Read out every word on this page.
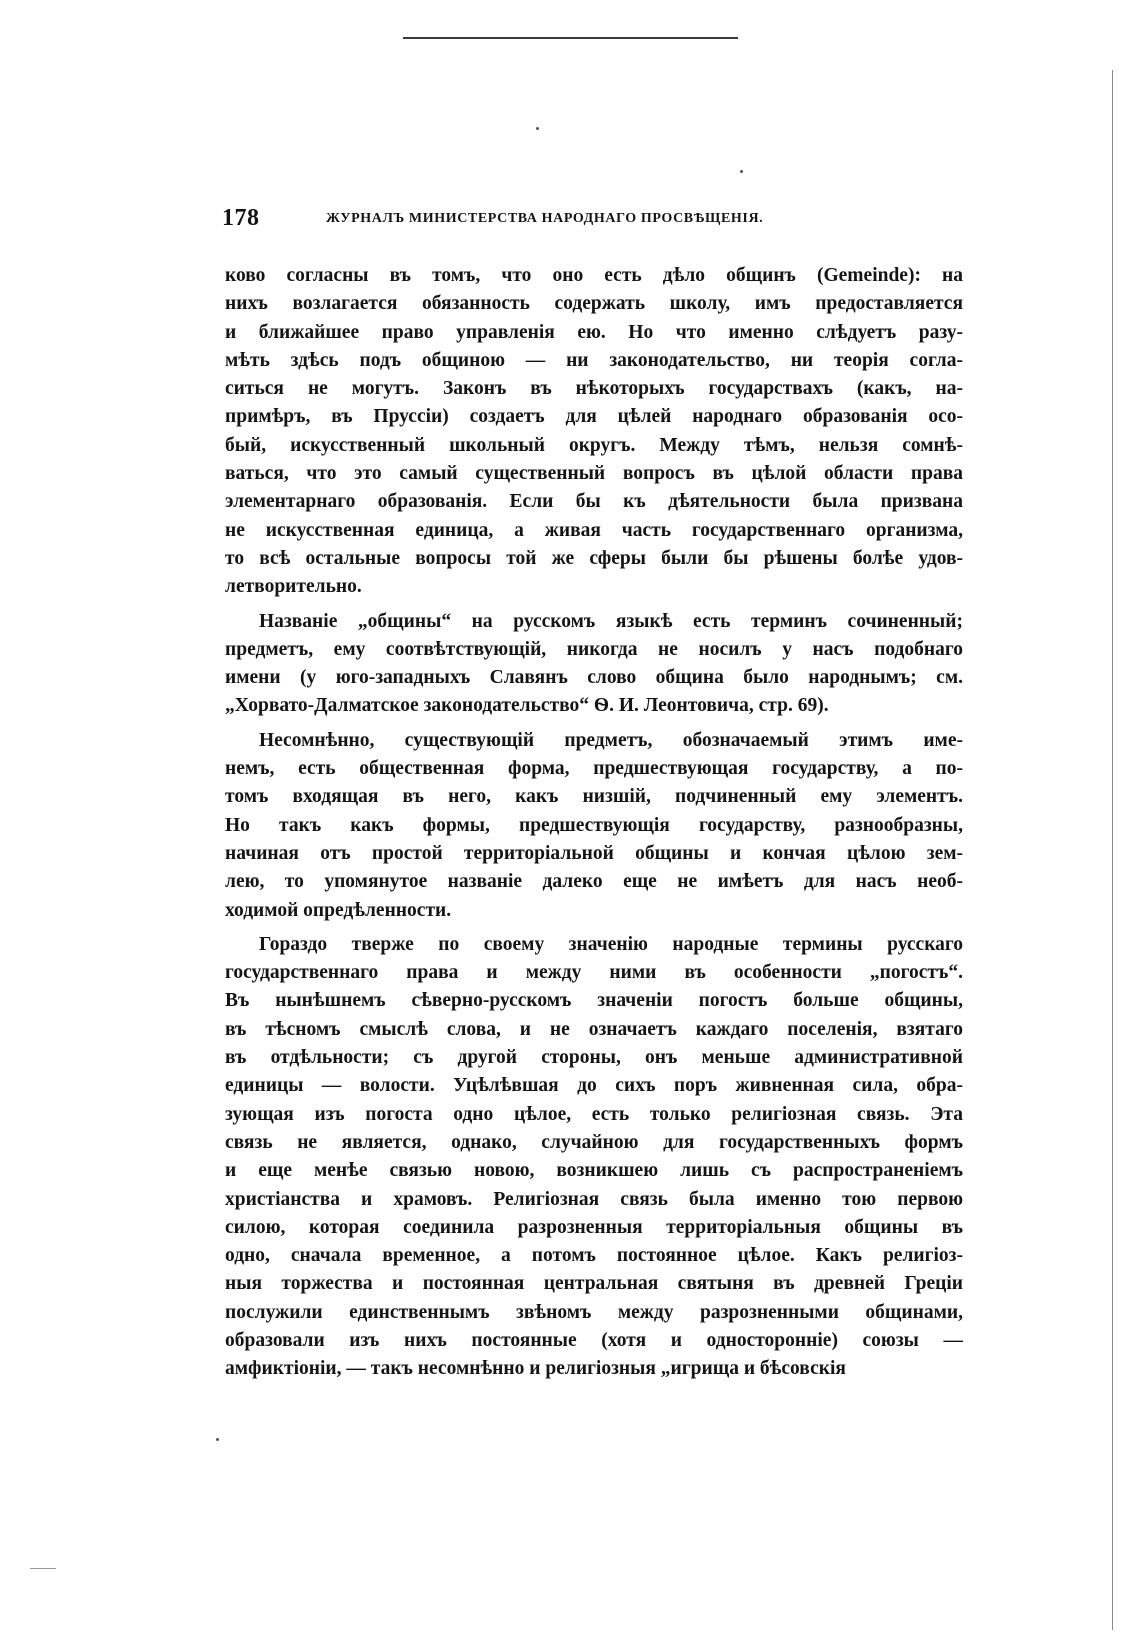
178	ЖУРНАЛЪ МИНИСТЕРСТВА НАРОДНАГО ПРОСВѢЩЕНІЯ.
ково согласны въ томъ, что оно есть дѣло общинъ (Gemeinde): на
нихъ возлагается обязанность содержать школу, имъ предоставляется
и ближайшее право управленія ею. Но что именно слѣдуетъ разу-
мѣть здѣсь подъ общиною — ни законодательство, ни теорія согла-
ситься не могутъ. Законъ въ нѣкоторыхъ государствахъ (какъ, на-
примѣръ, въ Пруссіи) создаетъ для цѣлей народнаго образованія осо-
бый, искусственный школьный округъ. Между тѣмъ, нельзя сомнѣ-
ваться, что это самый существенный вопросъ въ цѣлой области права
элементарнаго образованія. Если бы къ дѣятельности была призвана
не искусственная единица, а живая часть государственнаго организма,
то всѣ остальные вопросы той же сферы были бы рѣшены болѣе удов-
летворительно.
Названіе „общины“ на русскомъ языкѣ есть терминъ сочиненный;
предметъ, ему соотвѣтствующій, никогда не носилъ у насъ подобнаго
имени (у юго-западныхъ Славянъ слово община было народнымъ; см.
„Хорвато-Далматское законодательство“ Ѳ. И. Леонтовича, стр. 69).
Несомнѣнно, существующій предметъ, обозначаемый этимъ име-
немъ, есть общественная форма, предшествующая государству, а по-
томъ входящая въ него, какъ низшій, подчиненный ему элементъ.
Но такъ какъ формы, предшествующія государству, разнообразны,
начиная отъ простой территоріальной общины и кончая цѣлою зем-
лею, то упомянутое названіе далеко еще не имѣетъ для насъ необ-
ходимой опредѣленности.
Гораздо тверже по своему значенію народные термины русскаго
государственнаго права и между ними въ особенности „погостъ“.
Въ нынѣшнемъ сѣверно-русскомъ значеніи погостъ больше общины,
въ тѣсномъ смыслѣ слова, и не означаетъ каждаго поселенія, взятаго
въ отдѣльности; съ другой стороны, онъ меньше административной
единицы — волости. Уцѣлѣвшая до сихъ поръ живненная сила, обра-
зующая изъ погоста одно цѣлое, есть только религіозная связь. Эта
связь не является, однако, случайною для государственныхъ формъ
и еще менѣе связью новою, возникшею лишь съ распространеніемъ
христіанства и храмовъ. Религіозная связь была именно тою первою
силою, которая соединила разрозненныя территоріальныя общины въ
одно, сначала временное, а потомъ постоянное цѣлое. Какъ религіоз-
ныя торжества и постоянная центральная святыня въ древней Греціи
послужили единственнымъ звѣномъ между разрозненными общинами,
образовали изъ нихъ постоянные (хотя и односторонніе) союзы —
амфиктіоніи, — такъ несомнѣнно и религіозныя „игрища и бѣсовскія
